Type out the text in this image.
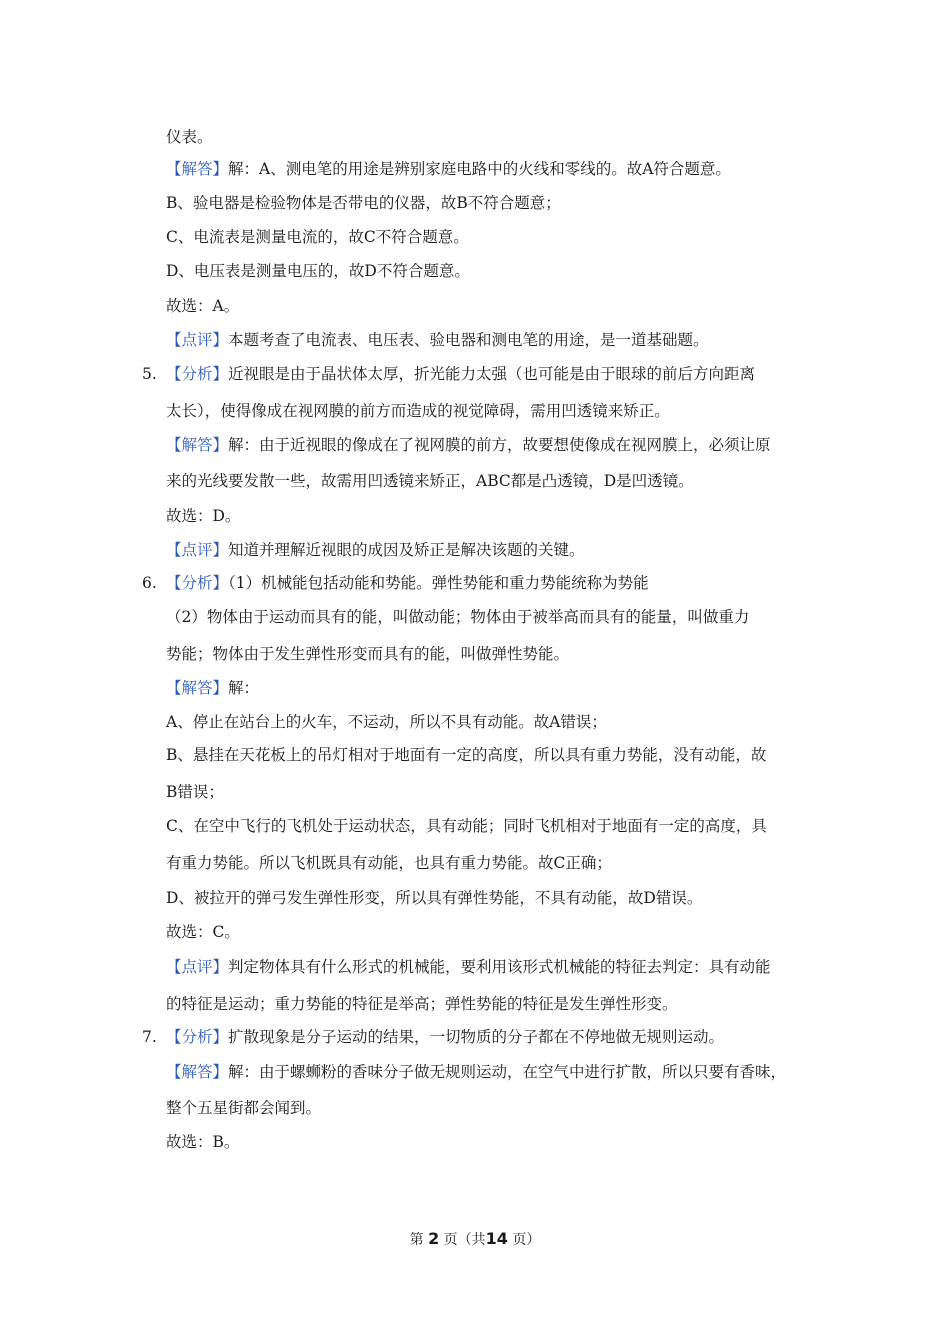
仪表。
【解答】解：A、测电笔的用途是辨别家庭电路中的火线和零线的。故A符合题意。
B、验电器是检验物体是否带电的仪器，故B不符合题意；
C、电流表是测量电流的，故C不符合题意。
D、电压表是测量电压的，故D不符合题意。
故选：A。
【点评】本题考查了电流表、电压表、验电器和测电笔的用途，是一道基础题。
5. 【分析】近视眼是由于晶状体太厚，折光能力太强（也可能是由于眼球的前后方向距离
太长），使得像成在视网膜的前方而造成的视觉障碍，需用凹透镜来矫正。
【解答】解：由于近视眼的像成在了视网膜的前方，故要想使像成在视网膜上，必须让原
来的光线要发散一些，故需用凹透镜来矫正，ABC都是凸透镜，D是凹透镜。
故选：D。
【点评】知道并理解近视眼的成因及矫正是解决该题的关键。
6. 【分析】（1）机械能包括动能和势能。弹性势能和重力势能统称为势能
（2）物体由于运动而具有的能，叫做动能；物体由于被举高而具有的能量，叫做重力
势能；物体由于发生弹性形变而具有的能，叫做弹性势能。
【解答】解：
A、停止在站台上的火车，不运动，所以不具有动能。故A错误；
B、悬挂在天花板上的吊灯相对于地面有一定的高度，所以具有重力势能，没有动能，故
B错误；
C、在空中飞行的飞机处于运动状态，具有动能；同时飞机相对于地面有一定的高度，具
有重力势能。所以飞机既具有动能，也具有重力势能。故C正确；
D、被拉开的弹弓发生弹性形变，所以具有弹性势能，不具有动能，故D错误。
故选：C。
【点评】判定物体具有什么形式的机械能，要利用该形式机械能的特征去判定：具有动能
的特征是运动；重力势能的特征是举高；弹性势能的特征是发生弹性形变。
7. 【分析】扩散现象是分子运动的结果，一切物质的分子都在不停地做无规则运动。
【解答】解：由于螺蛳粉的香味分子做无规则运动，在空气中进行扩散，所以只要有香味，
整个五星街都会闻到。
故选：B。
第 2 页（共14 页）
